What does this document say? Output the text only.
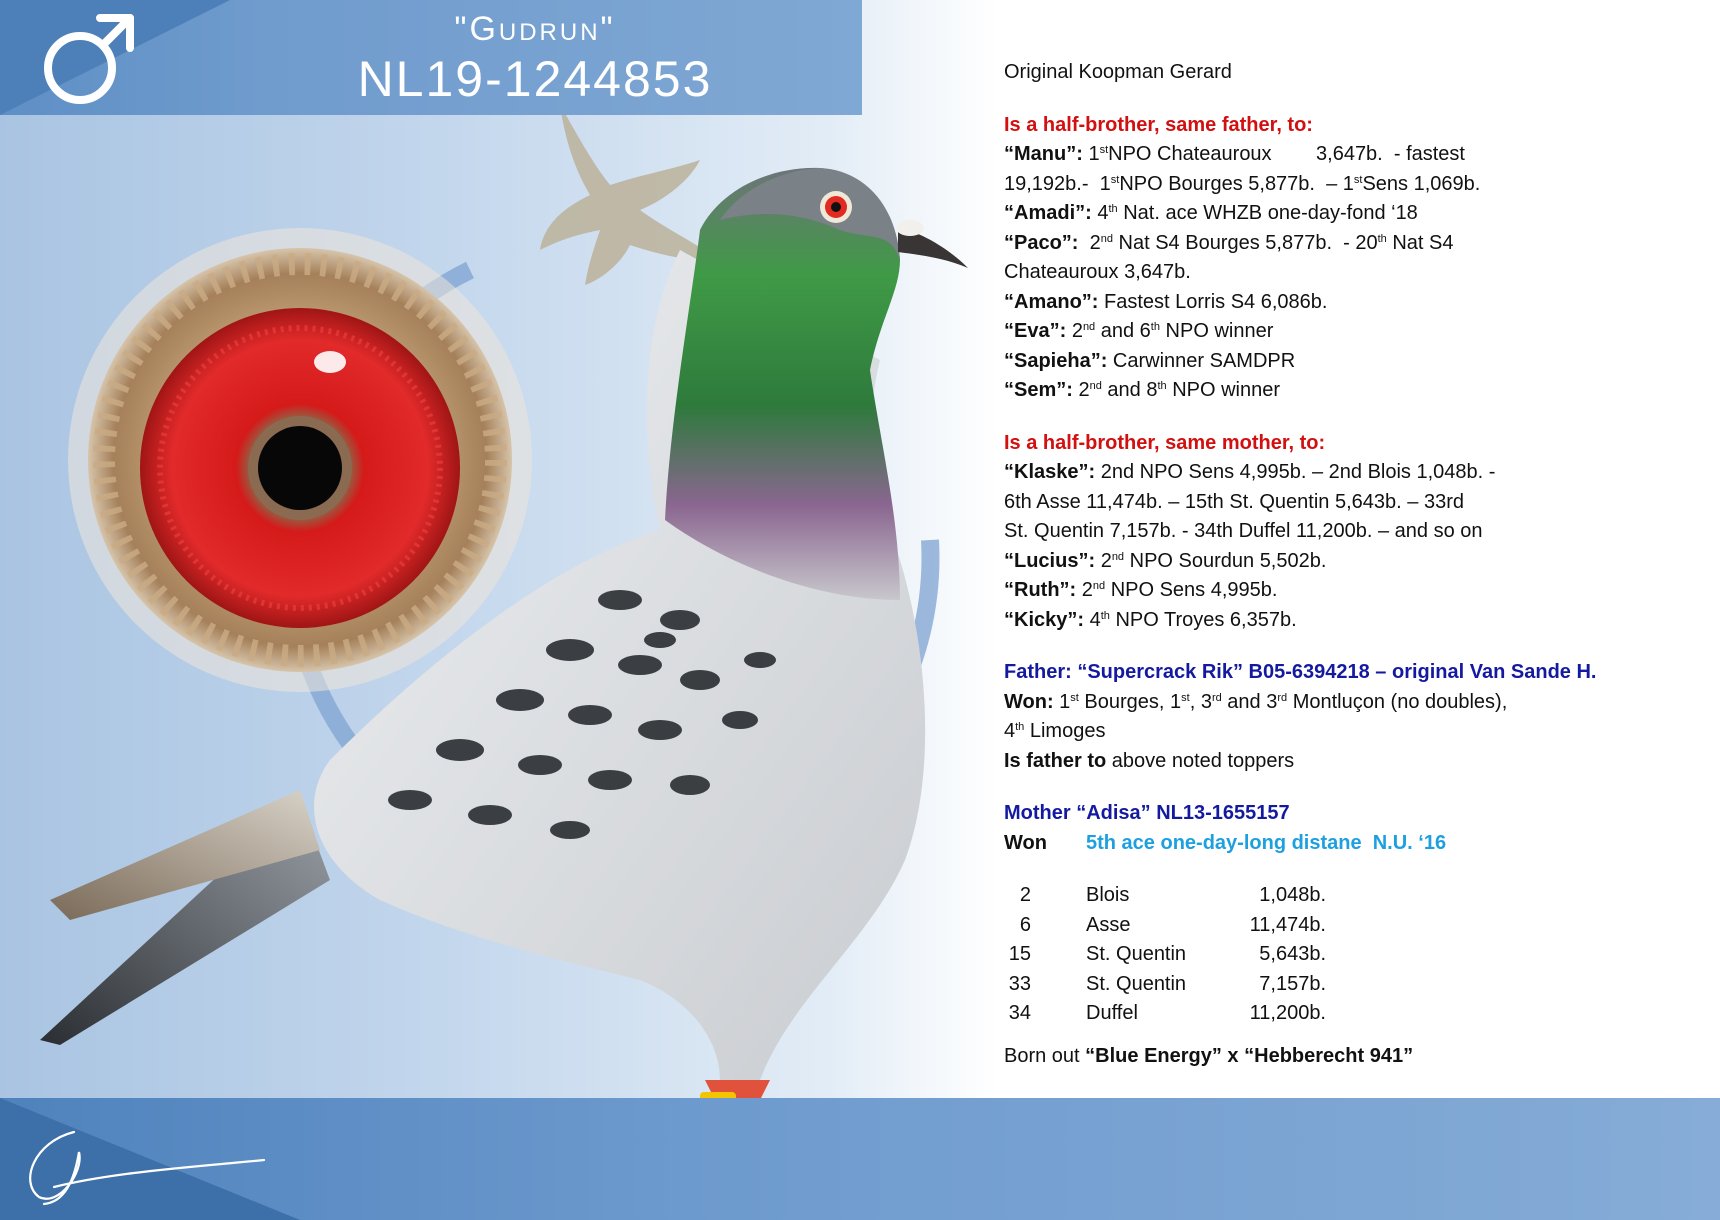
"Gudrun"
NL19-1244853	Original Koopman Gerard
Is a half-brother, same father, to:
“Manu”: 1stNPO Chateauroux        3,647b.  - fastest
19,192b.-  1stNPO Bourges 5,877b.  – 1stSens 1,069b.
“Amadi”: 4th Nat. ace WHZB one-day-fond ‘18
“Paco”: 2nd Nat S4 Bourges 5,877b.  - 20th Nat S4
Chateauroux 3,647b.
“Amano”: Fastest Lorris S4 6,086b.
“Eva”: 2nd and 6th NPO winner
“Sapieha”: Carwinner SAMDPR
“Sem”: 2nd and 8th NPO winner
Is a half-brother, same mother, to:
“Klaske”: 2nd NPO Sens 4,995b. – 2nd Blois 1,048b. -
6th Asse 11,474b. – 15th St. Quentin 5,643b. – 33rd
St. Quentin 7,157b. - 34th Duffel 11,200b. – and so on
“Lucius”: 2nd NPO Sourdun 5,502b.
“Ruth”: 2nd NPO Sens 4,995b.
“Kicky”: 4th NPO Troyes 6,357b.
Father: “Supercrack Rik” B05-6394218 – original Van Sande H.
Won: 1st Bourges, 1st, 3rd and 3rd Montluçon (no doubles),
4th Limoges
Is father to above noted toppers
Mother “Adisa” NL13-1655157
Won 5th ace one-day-long distane  N.U. ‘16
2	Blois	1,048b.
6	Asse	11,474b.
15	St. Quentin	5,643b.
33	St. Quentin	7,157b.
34	Duffel	11,200b.
Born out “Blue Energy” x “Hebberecht 941”
